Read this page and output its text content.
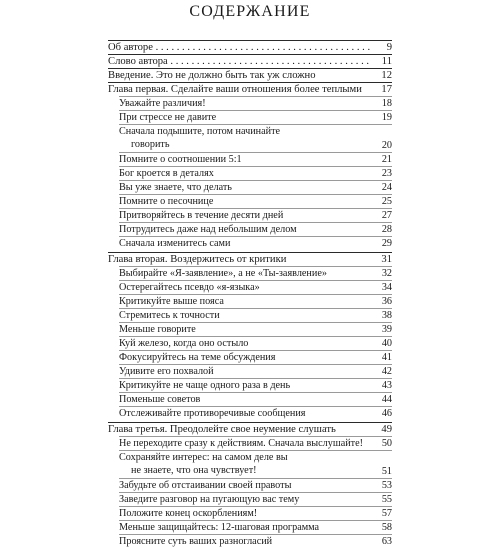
СОДЕРЖАНИЕ
Об авторе . . .	9
Слово автора . . .	11
Введение. Это не должно быть так уж сложно	12
Глава первая. Сделайте ваши отношения более теплыми	17
Уважайте различия!	18
При стрессе не давите	19
Сначала подышите, потом начинайте
говорить	20
Помните о соотношении 5:1	21
Бог кроется в деталях	23
Вы уже знаете, что делать	24
Помните о песочнице	25
Притворяйтесь в течение десяти дней	27
Потрудитесь даже над небольшим делом	28
Сначала изменитесь сами	29
Глава вторая. Воздержитесь от критики	31
Выбирайте «Я-заявление», а не «Ты-заявление»	32
Остерегайтесь псевдо «я-языка»	34
Критикуйте выше пояса	36
Стремитесь к точности	38
Меньше говорите	39
Куй железо, когда оно остыло	40
Фокусируйтесь на теме обсуждения	41
Удивите его похвалой	42
Критикуйте не чаще одного раза в день	43
Поменьше советов	44
Отслеживайте противоречивые сообщения	46
Глава третья. Преодолейте свое неумение слушать	49
Не переходите сразу к действиям. Сначала выслушайте!	50
Сохраняйте интерес: на самом деле вы
не знаете, что она чувствует!	51
Забудьте об отстаивании своей правоты	53
Заведите разговор на пугающую вас тему	55
Положите конец оскорблениям!	57
Меньше защищайтесь: 12-шаговая программа	58
Проясните суть ваших разногласий	63
